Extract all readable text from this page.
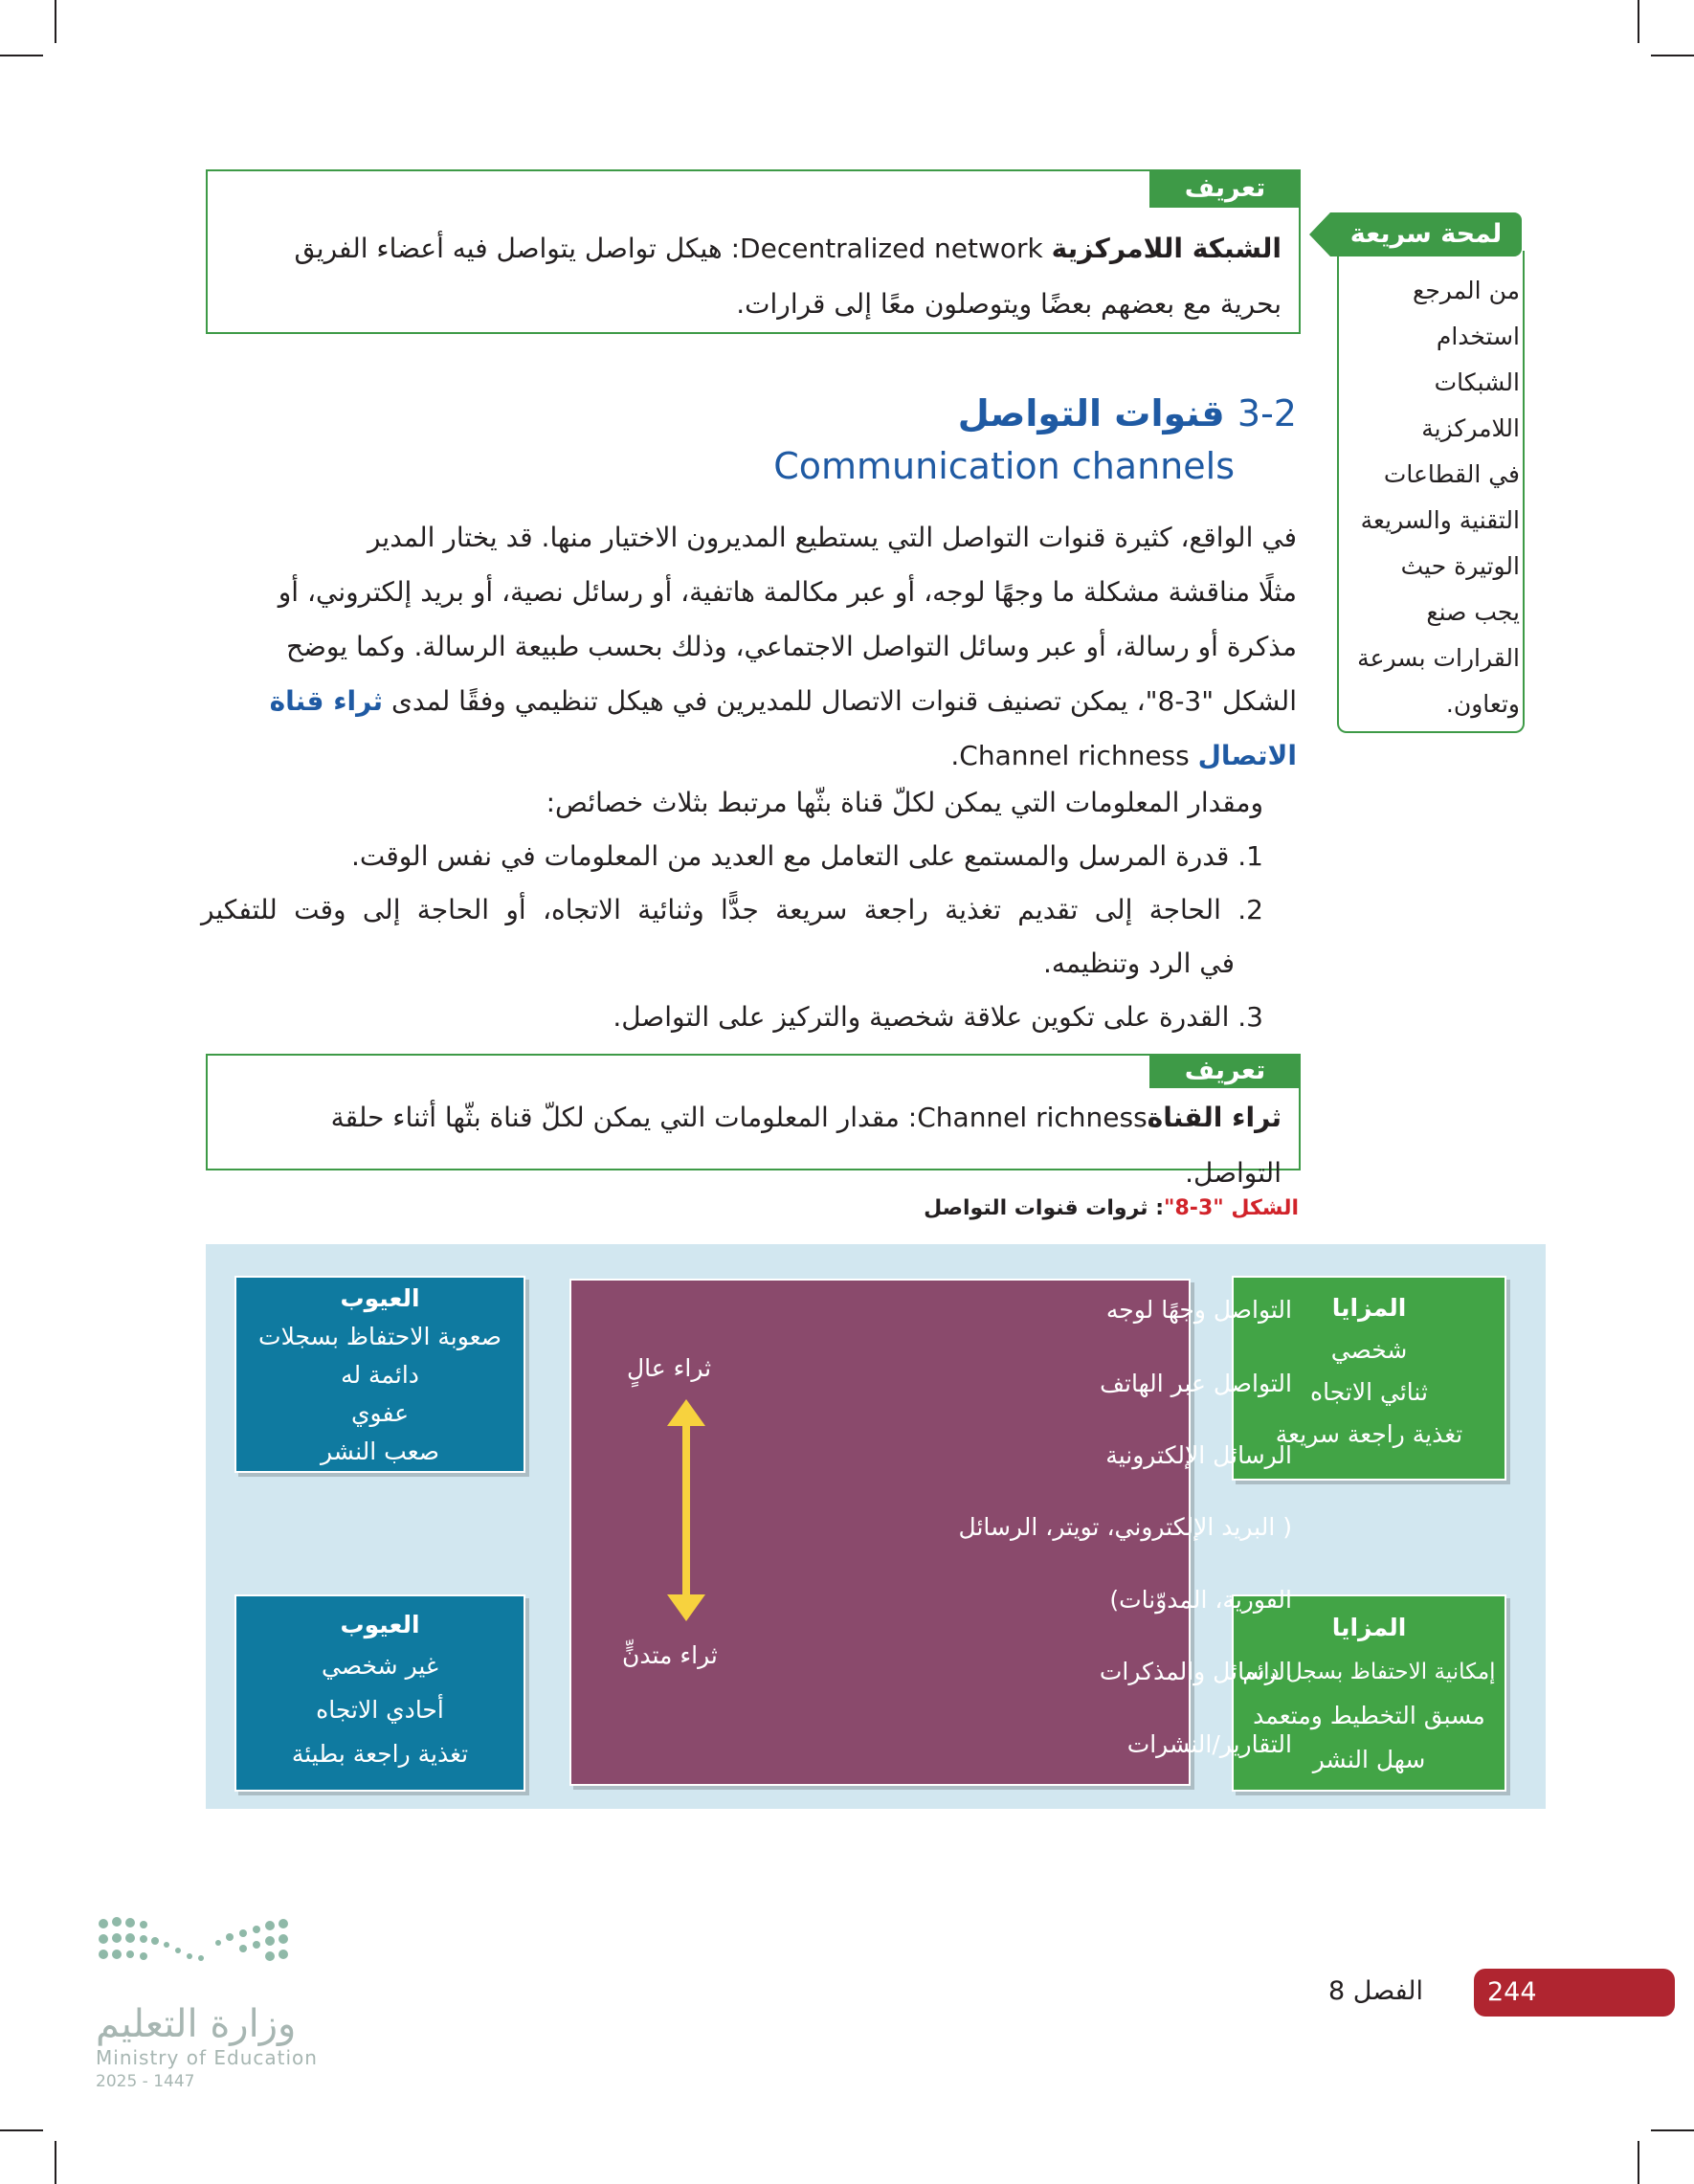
تعريف
الشبكة اللامركزية Decentralized network: هيكل تواصل يتواصل فيه أعضاء الفريق
بحرية مع بعضهم بعضًا ويتوصلون معًا إلى قرارات.
لمحة سريعة
من المرجع
استخدام
الشبكات
اللامركزية
في القطاعات
التقنية والسريعة
الوتيرة حيث
يجب صنع
القرارات بسرعة
وتعاون.
3-2 قنوات التواصل
Communication channels
في الواقع، كثيرة قنوات التواصل التي يستطيع المديرون الاختيار منها. قد يختار المدير
مثلًا مناقشة مشكلة ما وجهًا لوجه، أو عبر مكالمة هاتفية، أو رسائل نصية، أو بريد إلكتروني، أو
مذكرة أو رسالة، أو عبر وسائل التواصل الاجتماعي، وذلك بحسب طبيعة الرسالة. وكما يوضح
الشكل "3-8"، يمكن تصنيف قنوات الاتصال للمديرين في هيكل تنظيمي وفقًا لمدى ثراء قناة
الاتصال Channel richness.
ومقدار المعلومات التي يمكن لكلّ قناة بثّها مرتبط بثلاث خصائص:
1. قدرة المرسل والمستمع على التعامل مع العديد من المعلومات في نفس الوقت.
2. الحاجة إلى تقديم تغذية راجعة سريعة جدًّا وثنائية الاتجاه، أو الحاجة إلى وقت للتفكير
في الرد وتنظيمه.
3. القدرة على تكوين علاقة شخصية والتركيز على التواصل.
تعريف
ثراء القناةChannel richness: مقدار المعلومات التي يمكن لكلّ قناة بثّها أثناء حلقة التواصل.
الشكل "3-8": ثروات قنوات التواصل
العيوب
صعوبة الاحتفاظ بسجلات
دائمة له
عفوي
صعب النشر
العيوب
غير شخصي
أحادي الاتجاه
تغذية راجعة بطيئة
المزايا
شخصي
ثنائي الاتجاه
تغذية راجعة سريعة
المزايا
إمكانية الاحتفاظ بسجل دائم
مسبق التخطيط ومتعمد
سهل النشر
التواصل وجهًا لوجه
التواصل عبر الهاتف
الرسائل الإلكترونية
( البريد الإلكتروني، تويتر، الرسائل
الفورية، المدوّنات)
الرسائل والمذكرات
التقارير/النشرات
ثراء عالٍ
ثراء متدنٍّ
244
الفصل 8
وزارة التعليم
Ministry of Education
2025 - 1447
